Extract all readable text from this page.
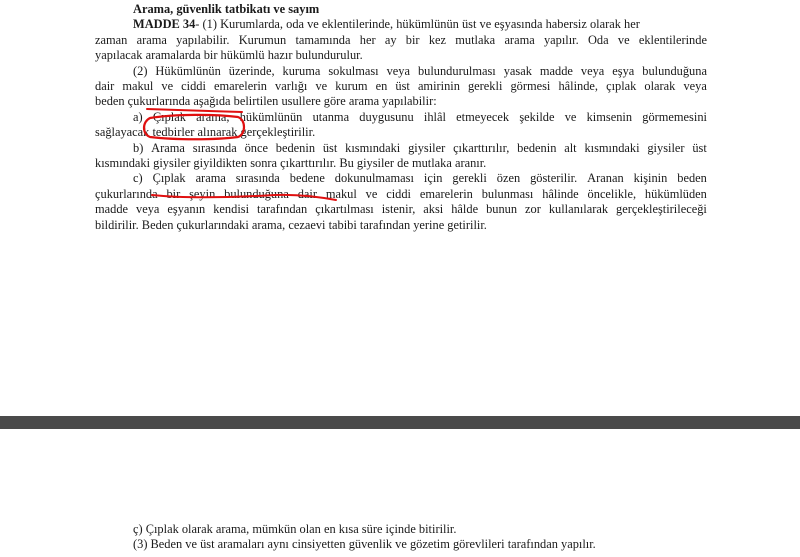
Arama, güvenlik tatbikatı ve sayım
MADDE 34- (1) Kurumlarda, oda ve eklentilerinde, hükümlünün üst ve eşyasında habersiz olarak her
zaman arama yapılabilir. Kurumun tamamında her ay bir kez mutlaka arama yapılır. Oda ve eklentilerinde
yapılacak aramalarda bir hükümlü hazır bulundurulur.
(2) Hükümlünün üzerinde, kuruma sokulması veya bulundurulması yasak madde veya eşya bulunduğuna
dair makul ve ciddi emarelerin varlığı ve kurum en üst amirinin gerekli görmesi hâlinde, çıplak olarak veya
beden çukurlarında aşağıda belirtilen usullere göre arama yapılabilir:
a) Çıplak arama, hükümlünün utanma duygusunu ihlâl etmeyecek şekilde ve kimsenin görmemesini
sağlayacak tedbirler alınarak gerçekleştirilir.
b) Arama sırasında önce bedenin üst kısmındaki giysiler çıkarttırılır, bedenin alt kısmındaki giysiler üst
kısmındaki giysiler giyildikten sonra çıkarttırılır. Bu giysiler de mutlaka aranır.
c) Çıplak arama sırasında bedene dokunulmaması için gerekli özen gösterilir. Aranan kişinin beden
çukurlarında bir şeyin bulunduğuna dair makul ve ciddi emarelerin bulunması hâlinde öncelikle, hükümlüden
madde veya eşyanın kendisi tarafından çıkartılması istenir, aksi hâlde bunun zor kullanılarak gerçekleştirileceği
bildirilir. Beden çukurlarındaki arama, cezaevi tabibi tarafından yerine getirilir.
ç) Çıplak olarak arama, mümkün olan en kısa süre içinde bitirilir.
(3) Beden ve üst aramaları aynı cinsiyetten güvenlik ve gözetim görevlileri tarafından yapılır.
